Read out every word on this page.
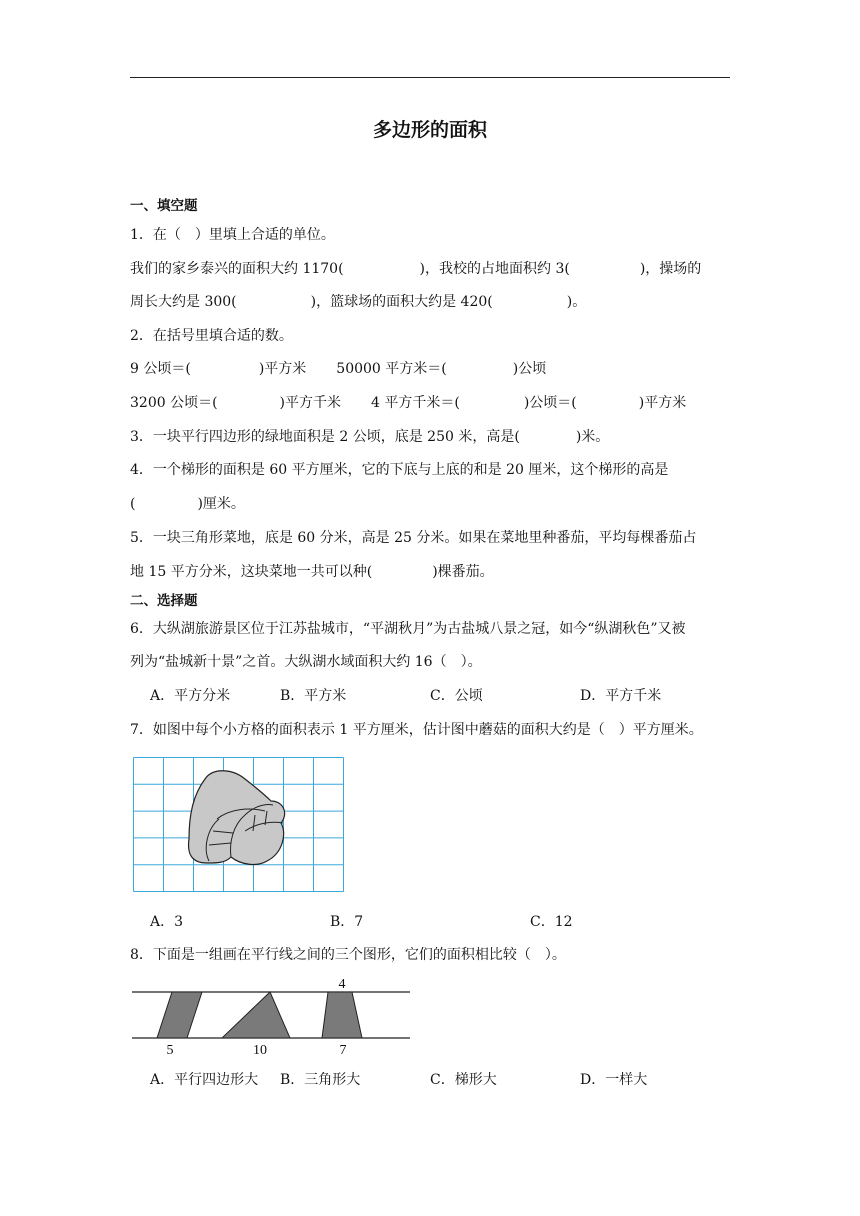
多边形的面积
一、填空题
1．在（　）里填上合适的单位。
我们的家乡泰兴的面积大约 1170(	)，我校的占地面积约 3(	)，操场的
周长大约是 300(	)，篮球场的面积大约是 420(	)。
2．在括号里填合适的数。
9 公顷＝(	)平方米 50000 平方米＝(	)公顷
3200 公顷＝(	)平方千米 4 平方千米＝(	)公顷＝(	)平方米
3．一块平行四边形的绿地面积是 2 公顷，底是 250 米，高是(	)米。
4．一个梯形的面积是 60 平方厘米，它的下底与上底的和是 20 厘米，这个梯形的高是
(	)厘米。
5．一块三角形菜地，底是 60 分米，高是 25 分米。如果在菜地里种番茄，平均每棵番茄占
地 15 平方分米，这块菜地一共可以种(	)棵番茄。
二、选择题
6．大纵湖旅游景区位于江苏盐城市，“平湖秋月”为古盐城八景之冠，如今“纵湖秋色”又被
列为“盐城新十景”之首。大纵湖水域面积大约 16（　）。
A．平方分米	B．平方米	C．公顷	D．平方千米
7．如图中每个小方格的面积表示 1 平方厘米，估计图中蘑菇的面积大约是（　）平方厘米。
A．3	B．7	C．12
8．下面是一组画在平行线之间的三个图形，它们的面积相比较（　）。
4
5	10	7
A．平行四边形大 B．三角形大	C．梯形大	D．一样大
